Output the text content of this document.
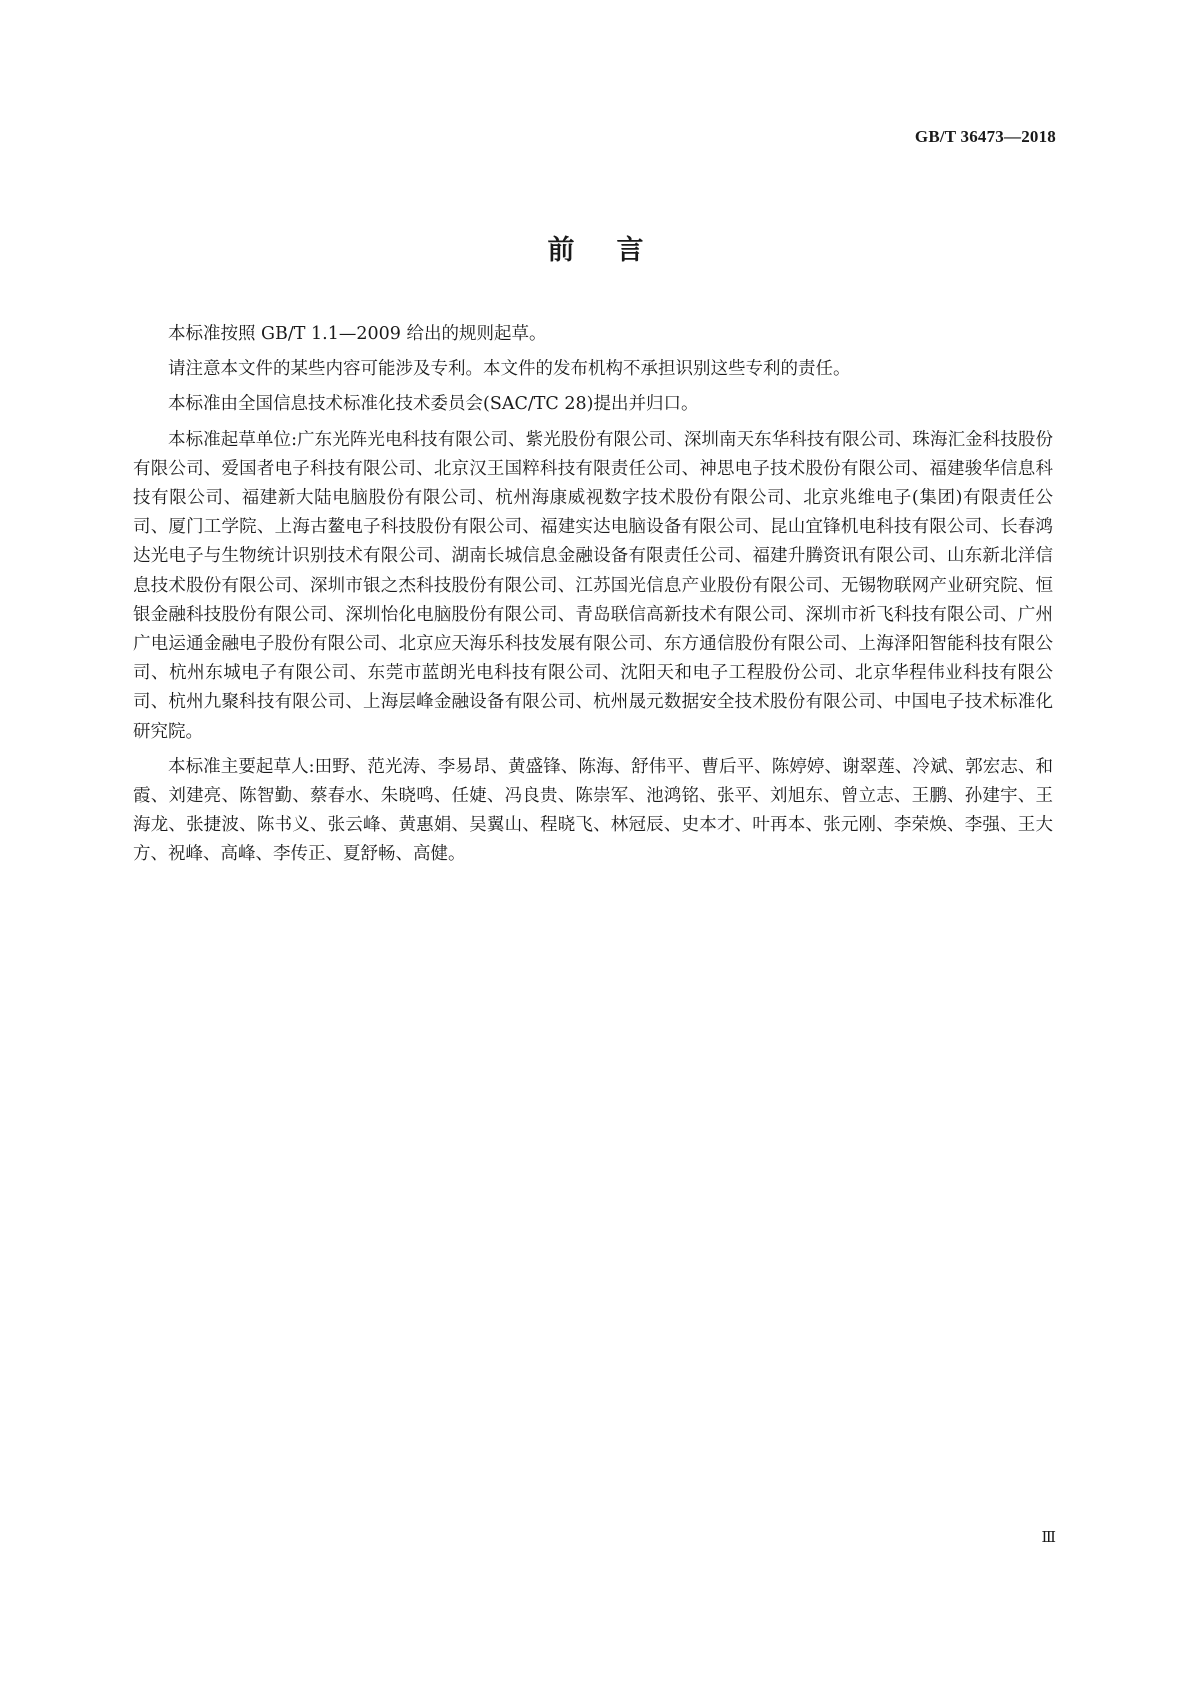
GB/T 36473—2018
前言

本标准按照 GB/T 1.1—2009 给出的规则起草。

请注意本文件的某些内容可能涉及专利。本文件的发布机构不承担识别这些专利的责任。

本标准由全国信息技术标准化技术委员会(SAC/TC 28)提出并归口。

本标准起草单位:广东光阵光电科技有限公司、紫光股份有限公司、深圳南天东华科技有限公司、珠海汇金科技股份有限公司、爱国者电子科技有限公司、北京汉王国粹科技有限责任公司、神思电子技术股份有限公司、福建骏华信息科技有限公司、福建新大陆电脑股份有限公司、杭州海康威视数字技术股份有限公司、北京兆维电子(集团)有限责任公司、厦门工学院、上海古鳌电子科技股份有限公司、福建实达电脑设备有限公司、昆山宜锋机电科技有限公司、长春鸿达光电子与生物统计识别技术有限公司、湖南长城信息金融设备有限责任公司、福建升腾资讯有限公司、山东新北洋信息技术股份有限公司、深圳市银之杰科技股份有限公司、江苏国光信息产业股份有限公司、无锡物联网产业研究院、恒银金融科技股份有限公司、深圳怡化电脑股份有限公司、青岛联信高新技术有限公司、深圳市祈飞科技有限公司、广州广电运通金融电子股份有限公司、北京应天海乐科技发展有限公司、东方通信股份有限公司、上海泽阳智能科技有限公司、杭州东城电子有限公司、东莞市蓝朗光电科技有限公司、沈阳天和电子工程股份公司、北京华程伟业科技有限公司、杭州九聚科技有限公司、上海层峰金融设备有限公司、杭州晟元数据安全技术股份有限公司、中国电子技术标准化研究院。

本标准主要起草人:田野、范光涛、李易昂、黄盛锋、陈海、舒伟平、曹后平、陈婷婷、谢翠莲、冷斌、郭宏志、和霞、刘建亮、陈智勤、蔡春水、朱晓鸣、任婕、冯良贵、陈崇军、池鸿铭、张平、刘旭东、曾立志、王鹏、孙建宇、王海龙、张捷波、陈书义、张云峰、黄惠娟、吴翼山、程晓飞、林冠辰、史本才、叶再本、张元刚、李荣焕、李强、王大方、祝峰、高峰、李传正、夏舒畅、高健。

Ⅲ
